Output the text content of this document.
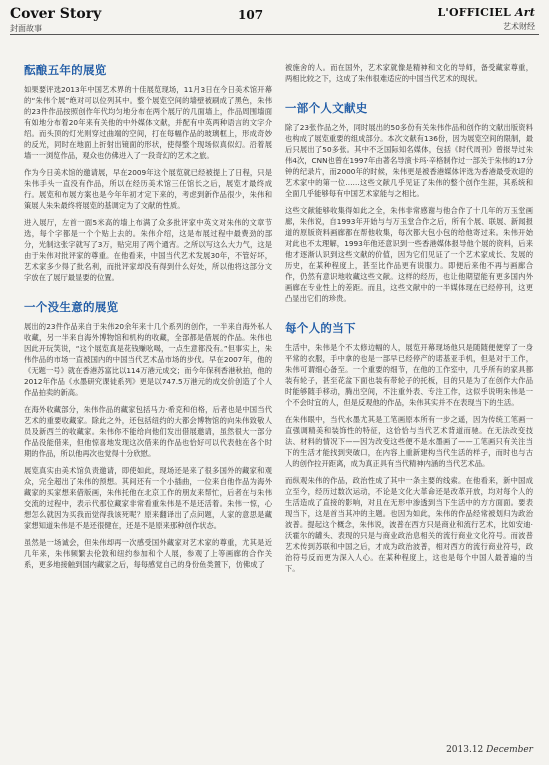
Cover Story
封面故事
107	L'OFFICIEL Art
艺术财经
酝酿五年的展览

如果要评选2013年中国艺术界的十佳展览现场，11月3日在今日美术馆开幕的“朱伟个展”绝对可以位列其中。整个展览空间的墙壁被刷成了黑色，朱伟的23件作品按照创作年代均匀地分布在两个展厅的几面墙上，作品周围墙面有如地分布着20年来有关他的中外媒体文献，并配有中英两种语言的文字介绍。而头顶的灯光则穿过曲端的空间，打在每幅作品的玻璃框上，形成奇妙的反光，同时在地面上折射出镜面的形状，使得整个现场似真似幻。沿着展墙一一浏览作品，观众也仿佛进入了一段奇幻的艺术之旅。

作为今日美术馆的邀请展，早在2009年这个展览就已经被提上了日程，只是朱伟手头一直没有作品，所以在经历美术馆三任馆长之后，展览才最终成行。展览和布展方案也是今年年初才定下来的，考虑到新作品很少，朱伟和策展人朱朱最终将展览的基调定为了文献的性质。

进入展厅，左首一面5米高的墙上布满了众多批评家中英文对朱伟的文章节选，每个字都是一个个贴上去的。朱伟介绍，这是布展过程中最费劲的部分，光制这张字就写了3万，贴完用了两个通宵。之所以写这么大力气，这是由于朱伟对批评家的尊重。在他看来，中国当代艺术发展30年，不管好坏，艺术家多少得了批名利，而批评家却没有得到什么好处，所以他将这部分文字放在了展厅最显要的位置。

一个没生意的展览

展出的23件作品来自于朱伟20余年来十几个系列的创作，一半来自海外私人收藏，另一半来自海外博物馆和机构的收藏，全部都是借展的作品。朱伟也因此开玩笑说，“这个展览真是花钱赚吆喝，一点生意都没有。”但事实上，朱伟作品的市场一直被国内的中国当代艺术品市场的步伐。早在2007年，他的《无题一号》就在香港苏富比以114万港元成交；而今年保利香港秋拍，他的2012年作品《水墨研究课徒系列》更是以747.5万港元的成交价创造了个人作品拍卖的新高。

在海外收藏部分，朱伟作品的藏家包括马力·希克和伯格，后者也是中国当代艺术的重要收藏家。除此之外，还包括纽约的大都会博物馆的向朱伟致敬人员及新西兰的收藏家。朱伟你不能给向他们发出借展邀请，虽然很大一部分作品没能借来，但他惊喜地发现这次借来的作品也恰好可以代表他在各个时期的作品，所以他再次也觉得十分欣慰。

展览真实由美术馆负责邀请，即使如此，现场还是来了很多国外的藏家和观众，完全超出了朱伟的预想。其间还有一个小插曲，一位来自他作品为海外藏家的买家想来借版画，朱伟托他在北京工作的朋友来帮忙，后者在与朱伟交流的过程中，表示代那位藏家非常看重朱伟是不是还活着。朱伟一惊，心想怎么就因为买我而觉得我该死呢？原来翻译出了点问题，人家的意思是藏家想知道朱伟是不是还很健在，还是不是原来那种创作状态。

虽然是一场诚会，但朱伟却再一次感受国外藏家对艺术家的尊重，尤其是近几年来，朱伟频繁去伦敦和纽约参加和个人展，参观了上等画廊的合作关系，更多地接触到国内藏家之后，每每感觉自己的身份鱼类置下，仿佛成了

被施舍的人。而在国外，艺术家就像是精神和文化的导师，备受藏家尊重，两相比较之下，这成了朱伟很难适应的中国当代艺术的现状。

一部个人文献史

除了23张作品之外，同时展出的50多份有关朱伟作品和创作的文献出版资料也构成了展览重要的组成部分。本次文献有136份，因为展览空间的限制，最后只展出了50多张。其中不乏国际知名媒体，包括《时代周刊》曾报导过朱伟4次，CNN也曾在1997年由著名导演卡玛·辛格制作过一部关于朱伟的17分钟的纪录片，而2000年的时候，朱伟更是被香港媒体评选为香港最受欢迎的艺术家中的第一位……这些文献几乎见证了朱伟的整个创作生涯，其系统和全面几乎能够每有中国艺术家能与之相比。

这些文献能够收集得如此之全，朱伟非常感谢与他合作了十几年的万玉堂画廊，朱伟说，自1993年开始与与万玉堂合作之后，所有个展、联展、新闻报道的原版资料画廊都在帮他收集，每次都大包小包的给他寄过来。朱伟开始对此也不太理解，1993年他还意识到一些香港媒体报导他个展的资料，后来他才逐渐认识到这些文献的价值，因为它们见证了一个艺术家成长、发展的历史，在某种程度上，甚至比作品更有说服力。即便后来他不再与画廊合作，仍然有意识地收藏这些文献。这样的经历，也让他期望能有更多国内外画廊在专业性上的差距。而且，这些文献中的一半媒体现在已经停刊，这更凸显出它们的珍贵。

每个人的当下

生活中，朱伟是个不太修边幅的人，展览开幕现场他只是随随便便穿了一身平常的衣服，手中拿的也是一部早已经停产的诺基亚手机，但是对于工作，朱伟可谓细心备至。一个重要的细节，在他的工作室中，几乎所有的家具都装有轮子，甚至花盆下面也装有带轮子的托板，目的只是为了在创作大作品时能够随手移动，腾出空间，不注重外表、专注工作，这似乎说明朱伟是一个不会时宜的人，但是反观他的作品，朱伟其实并不在表现当下的生活。

在朱伟眼中，当代水墨尤其是工笔画原本所有一步之遥，因为传统工笔画一直强调精美和装饰性的特征，这恰恰与当代艺术背道而驰。在无法改变技法、材料的情况下——因为改变这些便不是水墨画了——工笔画只有关注当下的生活才能找到突破口，在内容上重新建构当代生活的样子，而时也与古人的创作拉开距离，成为真正具有当代精神内涵的当代艺术品。

而纵观朱伟的作品，政治性成了其中一条主要的线索。在他看来，新中国成立至今，经历过数次运动，不论是文化大革命还是改革开放，均对每个人的生活造成了直接的影响，对且在无形中渗透到当下生活中的方方面面。要表现当下，这是首当其冲的主题。也因为如此，朱伟的作品经常被划归为政治波普。提起这个概念，朱伟说，波普在西方只是商业和流行艺术，比如安迪·沃霍尔的罐头、表现的只是与商业政治息相关的流行商业文化符号。而波普艺术传到苏联和中国之后，才成为政治波普，相对西方的流行商业符号，政治符号反而更为深入人心。在某种程度上，这也是每个中国人最普遍的当下。

2013.12 December
